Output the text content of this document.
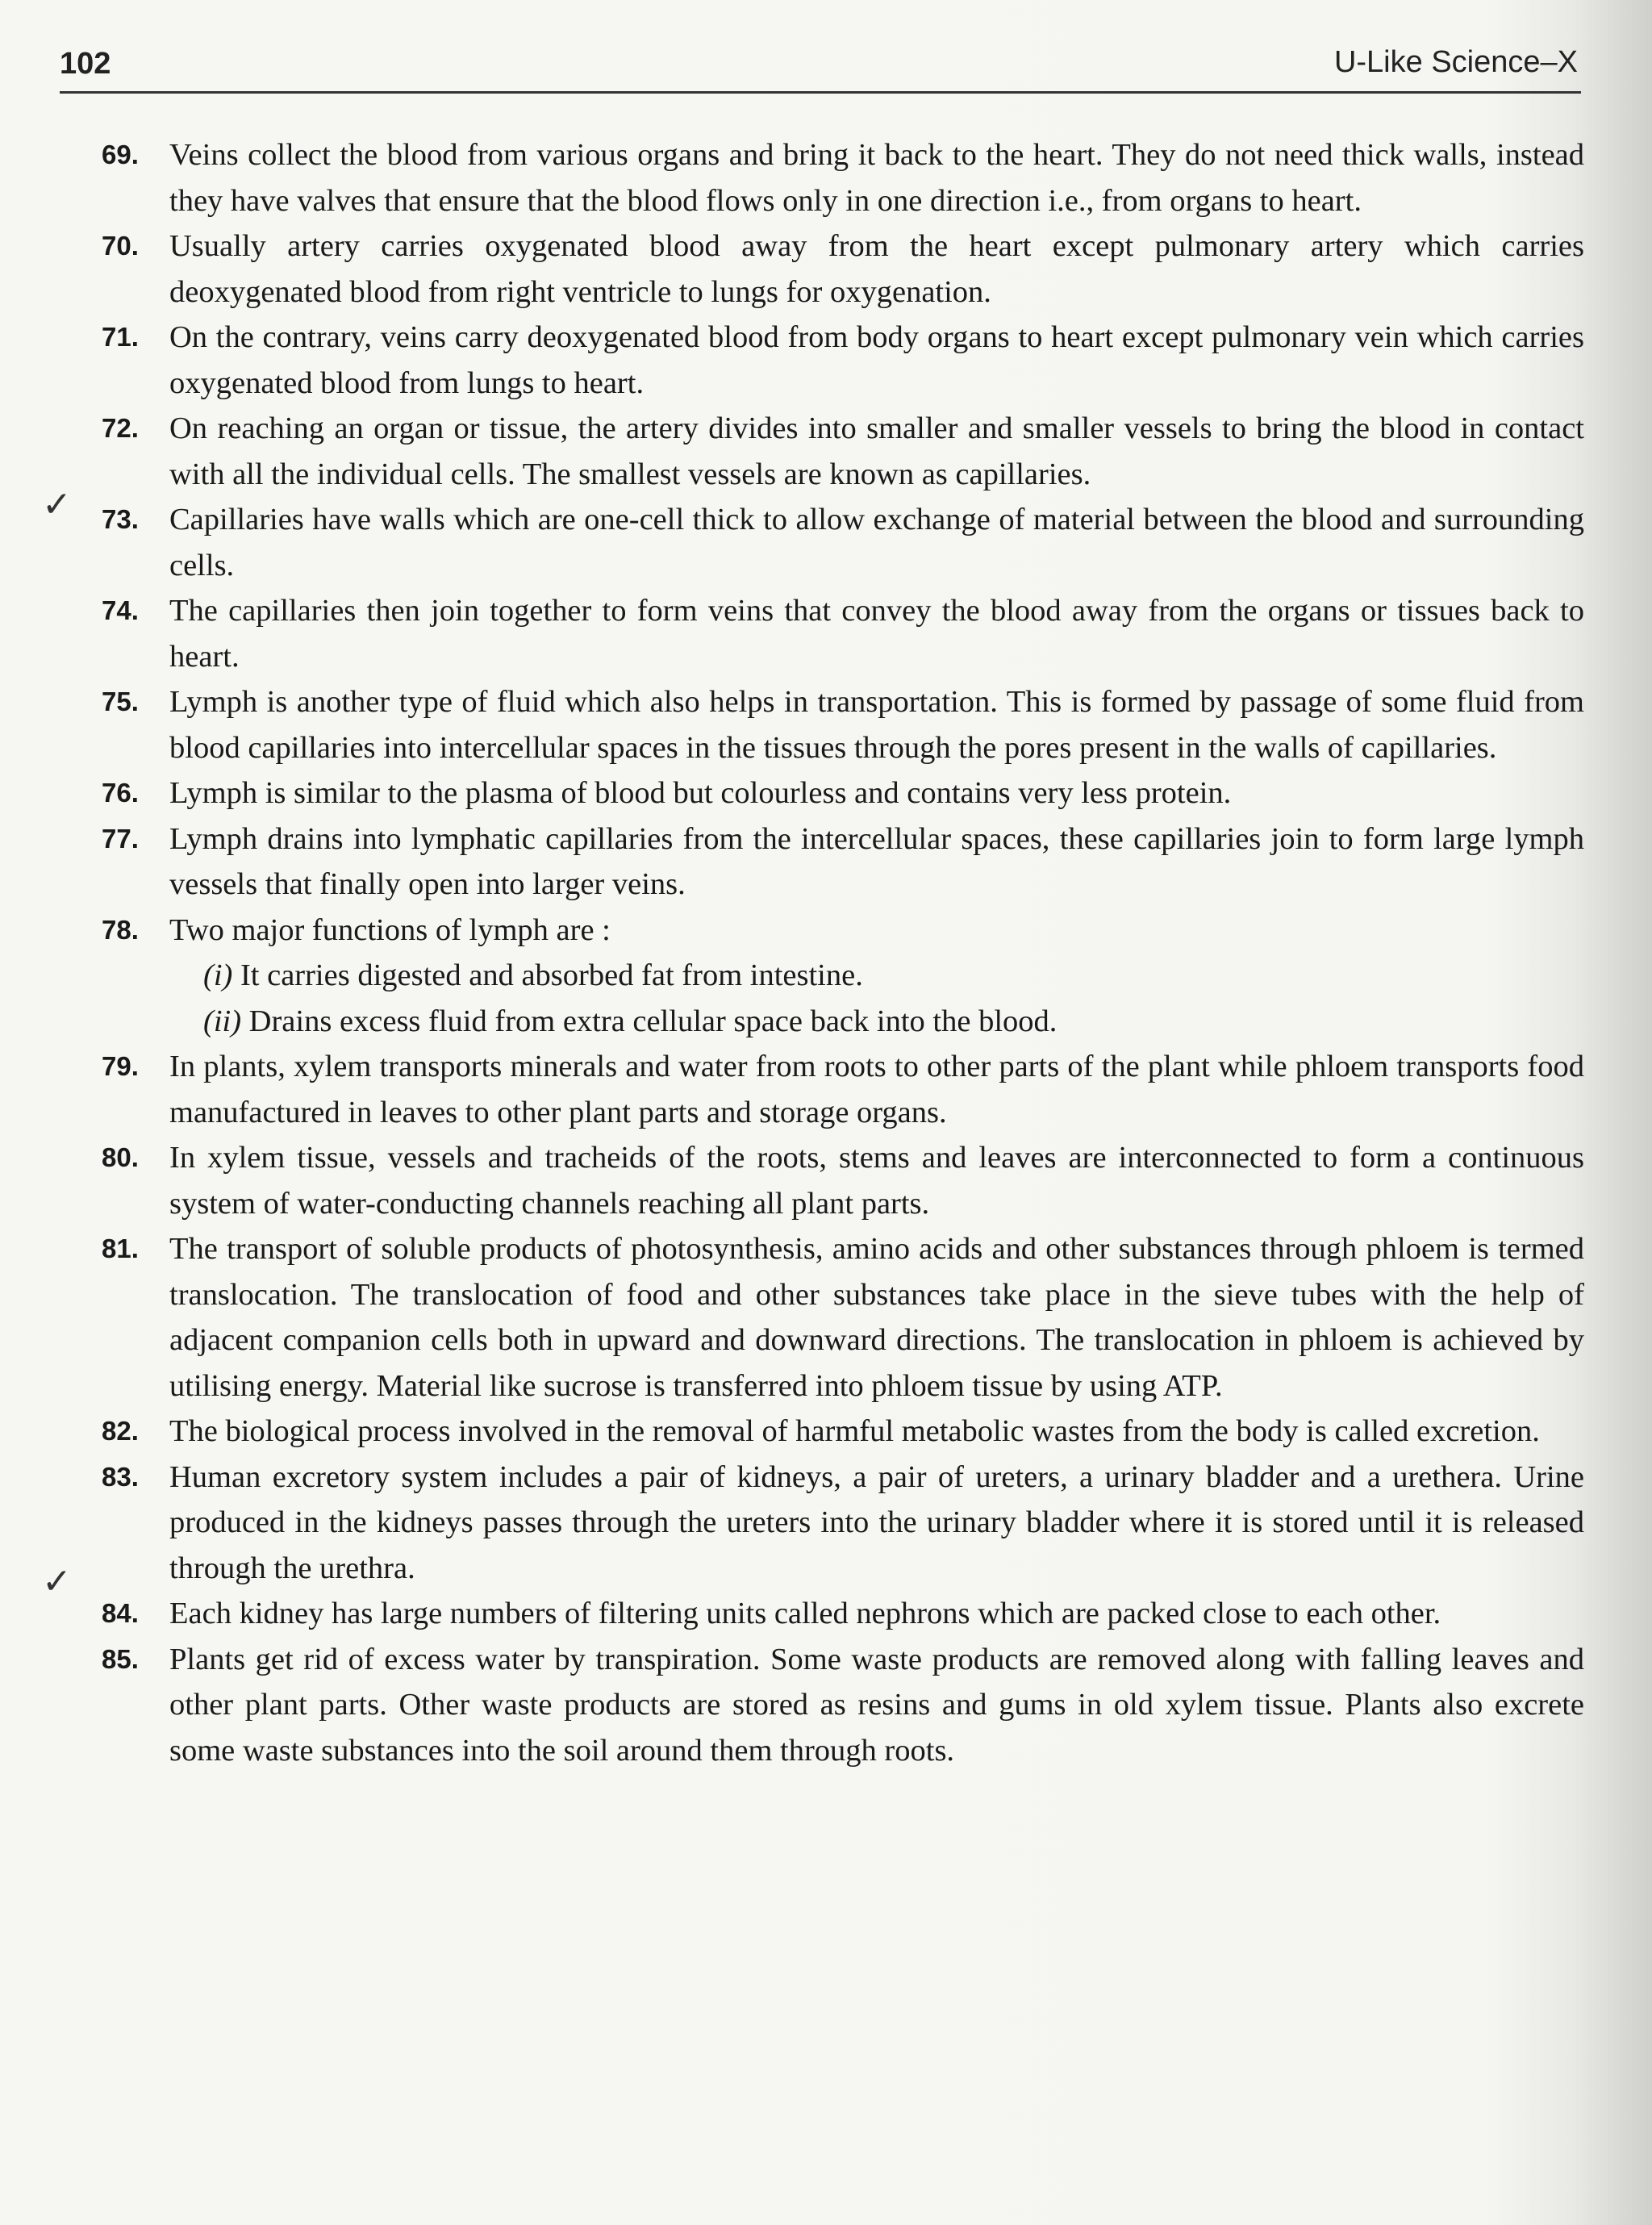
102	U-Like Science–X
✓
✓
69. Veins collect the blood from various organs and bring it back to the heart. They do not need thick walls, instead they have valves that ensure that the blood flows only in one direction i.e., from organs to heart.
70. Usually artery carries oxygenated blood away from the heart except pulmonary artery which carries deoxygenated blood from right ventricle to lungs for oxygenation.
71. On the contrary, veins carry deoxygenated blood from body organs to heart except pulmonary vein which carries oxygenated blood from lungs to heart.
72. On reaching an organ or tissue, the artery divides into smaller and smaller vessels to bring the blood in contact with all the individual cells. The smallest vessels are known as capillaries.
73. Capillaries have walls which are one-cell thick to allow exchange of material between the blood and surrounding cells.
74. The capillaries then join together to form veins that convey the blood away from the organs or tissues back to heart.
75. Lymph is another type of fluid which also helps in transportation. This is formed by passage of some fluid from blood capillaries into intercellular spaces in the tissues through the pores present in the walls of capillaries.
76. Lymph is similar to the plasma of blood but colourless and contains very less protein.
77. Lymph drains into lymphatic capillaries from the intercellular spaces, these capillaries join to form large lymph vessels that finally open into larger veins.
78. Two major functions of lymph are :
(i) It carries digested and absorbed fat from intestine.
(ii) Drains excess fluid from extra cellular space back into the blood.
79. In plants, xylem transports minerals and water from roots to other parts of the plant while phloem transports food manufactured in leaves to other plant parts and storage organs.
80. In xylem tissue, vessels and tracheids of the roots, stems and leaves are interconnected to form a continuous system of water-conducting channels reaching all plant parts.
81. The transport of soluble products of photosynthesis, amino acids and other substances through phloem is termed translocation. The translocation of food and other substances take place in the sieve tubes with the help of adjacent companion cells both in upward and downward directions. The translocation in phloem is achieved by utilising energy. Material like sucrose is transferred into phloem tissue by using ATP.
82. The biological process involved in the removal of harmful metabolic wastes from the body is called excretion.
83. Human excretory system includes a pair of kidneys, a pair of ureters, a urinary bladder and a urethera. Urine produced in the kidneys passes through the ureters into the urinary bladder where it is stored until it is released through the urethra.
84. Each kidney has large numbers of filtering units called nephrons which are packed close to each other.
85. Plants get rid of excess water by transpiration. Some waste products are removed along with falling leaves and other plant parts. Other waste products are stored as resins and gums in old xylem tissue. Plants also excrete some waste substances into the soil around them through roots.
